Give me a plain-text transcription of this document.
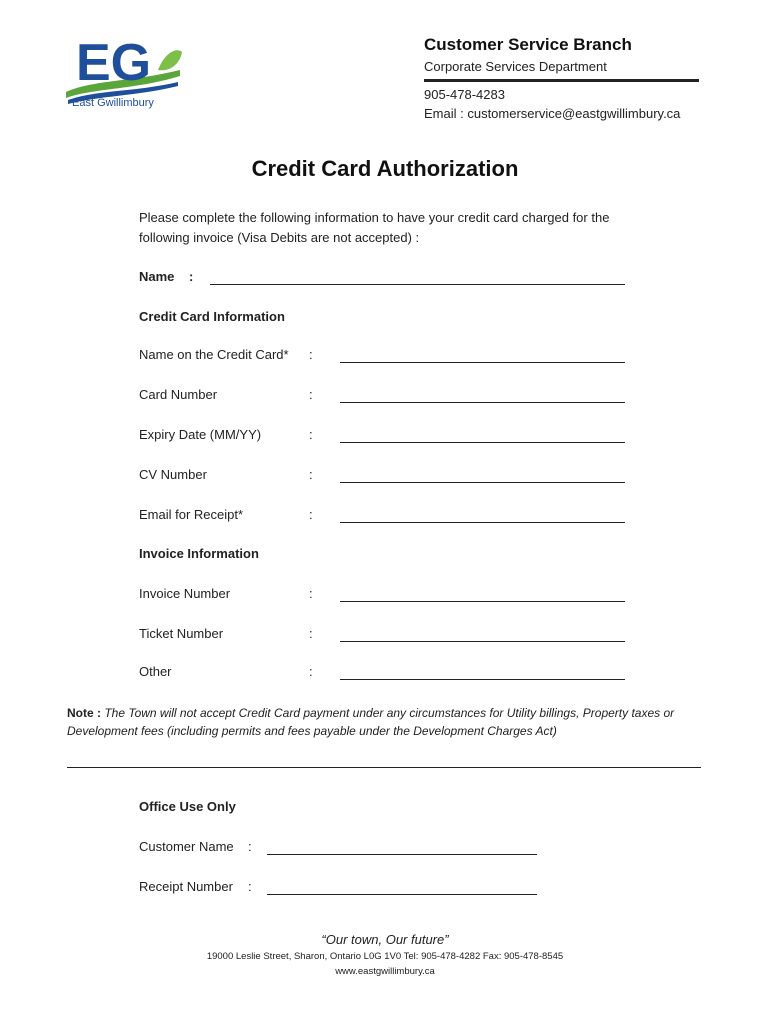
EG
East Gwillimbury
Customer Service Branch
Corporate Services Department
905-478-4283
Email : customerservice@eastgwillimbury.ca
Credit Card Authorization
Please complete the following information to have your credit card charged for the following invoice (Visa Debits are not accepted) :
Name :
Credit Card Information
Name on the Credit Card* :
Card Number	:
Expiry Date (MM/YY)	:
CV Number	:
Email for Receipt*	:
Invoice Information
Invoice Number	:
Ticket Number	:
Other	:
Note : The Town will not accept Credit Card payment under any circumstances for Utility billings, Property taxes or Development fees (including permits and fees payable under the Development Charges Act)
Office Use Only
Customer Name :
Receipt Number :
“Our town, Our future”
19000 Leslie Street, Sharon, Ontario L0G 1V0 Tel: 905-478-4282 Fax: 905-478-8545
www.eastgwillimbury.ca
